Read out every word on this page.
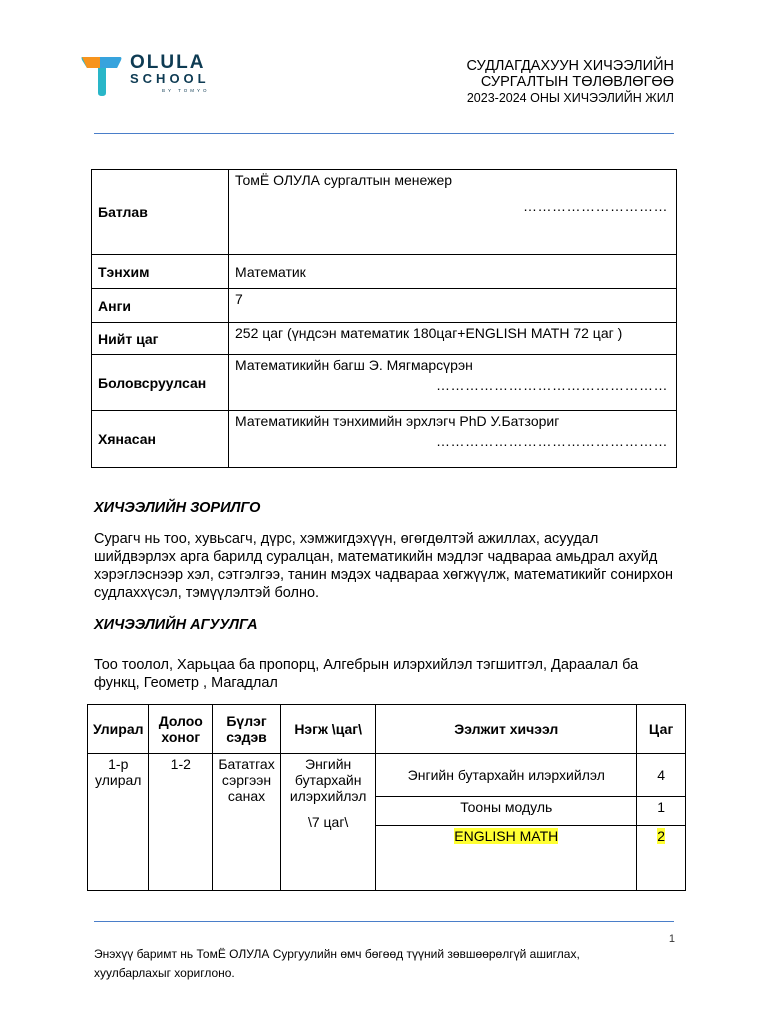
OLULA
SCHOOL
BY TOMYO
СУДЛАГДАХУУН ХИЧЭЭЛИЙН
СУРГАЛТЫН ТӨЛӨВЛӨГӨӨ
2023-2024 ОНЫ ХИЧЭЭЛИЙН ЖИЛ
Батлав	ТомЁ ОЛУЛА сургалтын менежер
…………………………

Тэнхим	Математик
Анги	7
Нийт цаг	252 цаг (үндсэн математик 180цаг+ENGLISH MATH 72 цаг )
Боловсруулсан	Математикийн багш Э. Мягмарсүрэн
…………………………………………

Хянасан	Математикийн тэнхимийн эрхлэгч PhD У.Батзориг
…………………………………………
ХИЧЭЭЛИЙН ЗОРИЛГО
Сурагч нь тоо, хувьсагч, дүрс, хэмжигдэхүүн, өгөгдөлтэй ажиллах, асуудал шийдвэрлэх арга барилд суралцан, математикийн мэдлэг чадвараа амьдрал ахуйд хэрэглэснээр хэл, сэтгэлгээ, танин мэдэх чадвараа хөгжүүлж, математикийг сонирхон судлаххүсэл, тэмүүлэлтэй болно.
ХИЧЭЭЛИЙН АГУУЛГА
Тоо тоолол, Харьцаа ба пропорц, Алгебрын илэрхийлэл тэгшитгэл, Дараалал ба функц, Геометр , Магадлал
Улирал	Долоо хоног	Бүлэг сэдэв	Нэгж \цаг\	Ээлжит хичээл	Цаг
1-р улирал	1-2	Бататгах сэргээн санах	Энгийн бутархайн илэрхийлэл
\7 цаг\	Энгийн бутархайн илэрхийлэл	4
				Тооны модуль	1
				ENGLISH MATH	2
1
Энэхүү баримт нь ТомЁ ОЛУЛА Сургуулийн өмч бөгөөд түүний зөвшөөрөлгүй ашиглах, хуулбарлахыг хориглоно.
